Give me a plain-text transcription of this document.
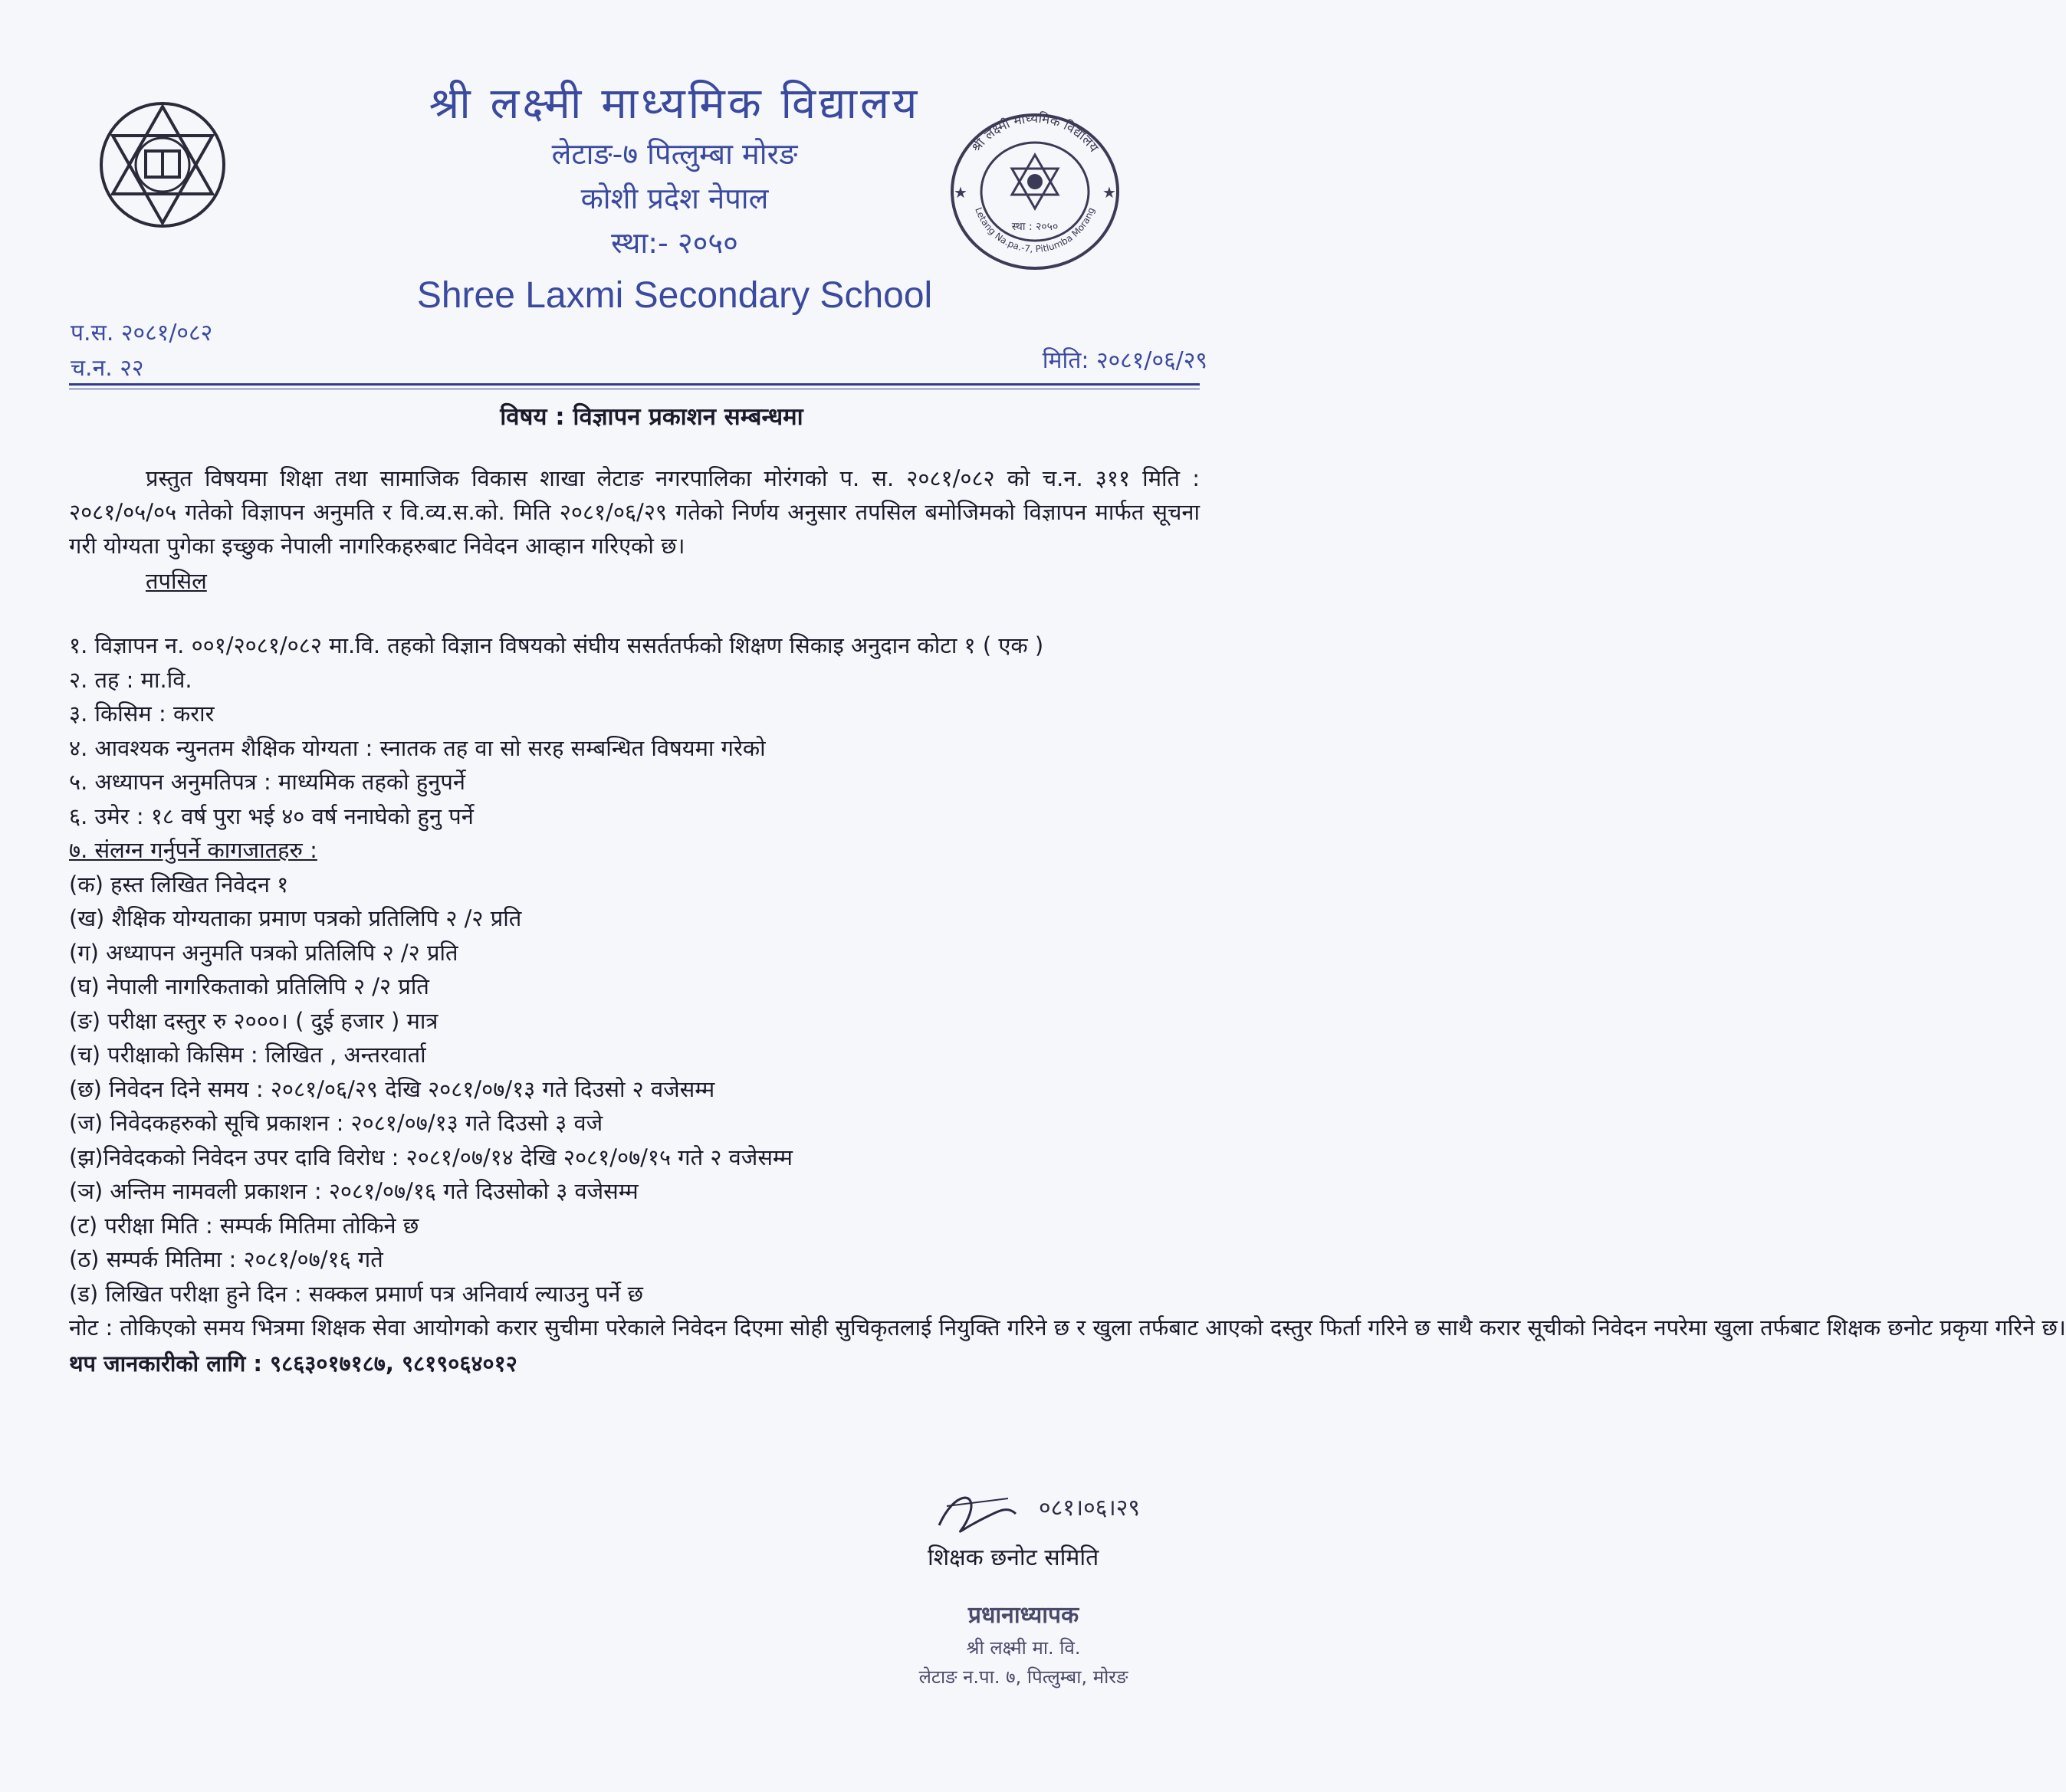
श्री लक्ष्मी माध्यमिक विद्यालय
लेटाङ-७ पित्लुम्बा मोरङ
कोशी प्रदेश नेपाल
स्था:- २०५०
Shree Laxmi Secondary School
श्री लक्ष्मी माध्यमिक विद्यालय
Letang Na.pa.-7, Pitlumba Morang
स्था : २०५०
★	★
प.स. २०८१/०८२
च.न. २२	मिति: २०८१/०६/२९
विषय : विज्ञापन प्रकाशन सम्बन्धमा
प्रस्तुत विषयमा शिक्षा तथा सामाजिक विकास शाखा लेटाङ नगरपालिका मोरंगको प. स. २०८१/०८२ को च.न. ३११ मिति : २०८१/०५/०५ गतेको विज्ञापन अनुमति र वि.व्य.स.को. मिति २०८१/०६/२९ गतेको निर्णय अनुसार तपसिल बमोजिमको विज्ञापन मार्फत सूचना गरी योग्यता पुगेका इच्छुक नेपाली नागरिकहरुबाट निवेदन आव्हान गरिएको छ।
तपसिल
१. विज्ञापन न. ००१/२०८१/०८२ मा.वि. तहको विज्ञान विषयको संघीय ससर्ततर्फको शिक्षण सिकाइ अनुदान कोटा १ ( एक )
२. तह : मा.वि.
३. किसिम : करार
४. आवश्यक न्युनतम शैक्षिक योग्यता : स्नातक तह वा सो सरह सम्बन्धित विषयमा गरेको
५. अध्यापन अनुमतिपत्र : माध्यमिक तहको हुनुपर्ने
६. उमेर : १८ वर्ष पुरा भई ४० वर्ष ननाघेको हुनु पर्ने
७. संलग्न गर्नुपर्ने कागजातहरु :
(क) हस्त लिखित निवेदन १
(ख) शैक्षिक योग्यताका प्रमाण पत्रको प्रतिलिपि २ /२ प्रति
(ग) अध्यापन अनुमति पत्रको प्रतिलिपि २ /२ प्रति
(घ) नेपाली नागरिकताको प्रतिलिपि २ /२ प्रति
(ङ) परीक्षा दस्तुर रु २०००। ( दुई हजार ) मात्र
(च) परीक्षाको किसिम : लिखित , अन्तरवार्ता
(छ) निवेदन दिने समय : २०८१/०६/२९ देखि २०८१/०७/१३ गते दिउसो २ वजेसम्म
(ज) निवेदकहरुको सूचि प्रकाशन : २०८१/०७/१३ गते दिउसो ३ वजे
(झ)निवेदकको निवेदन उपर दावि विरोध : २०८१/०७/१४ देखि २०८१/०७/१५ गते २ वजेसम्म
(ञ) अन्तिम नामवली प्रकाशन : २०८१/०७/१६ गते दिउसोको ३ वजेसम्म
(ट) परीक्षा मिति : सम्पर्क मितिमा तोकिने छ
(ठ) सम्पर्क मितिमा : २०८१/०७/१६ गते
(ड) लिखित परीक्षा हुने दिन : सक्कल प्रमार्ण पत्र अनिवार्य ल्याउनु पर्ने छ
नोट : तोकिएको समय भित्रमा शिक्षक सेवा आयोगको करार सुचीमा परेकाले निवेदन दिएमा सोही सुचिकृतलाई नियुक्ति गरिने छ र खुला तर्फबाट आएको दस्तुर फिर्ता गरिने छ साथै करार सूचीको निवेदन नपरेमा खुला तर्फबाट शिक्षक छनोट प्रकृया गरिने छ।
थप जानकारीको लागि : ९८६३०१७१८७, ९८१९०६४०१२
०८१।०६।२९
शिक्षक छनोट समिति
प्रधानाध्यापक
श्री लक्ष्मी मा. वि.
लेटाङ न.पा. ७, पित्लुम्बा, मोरङ
